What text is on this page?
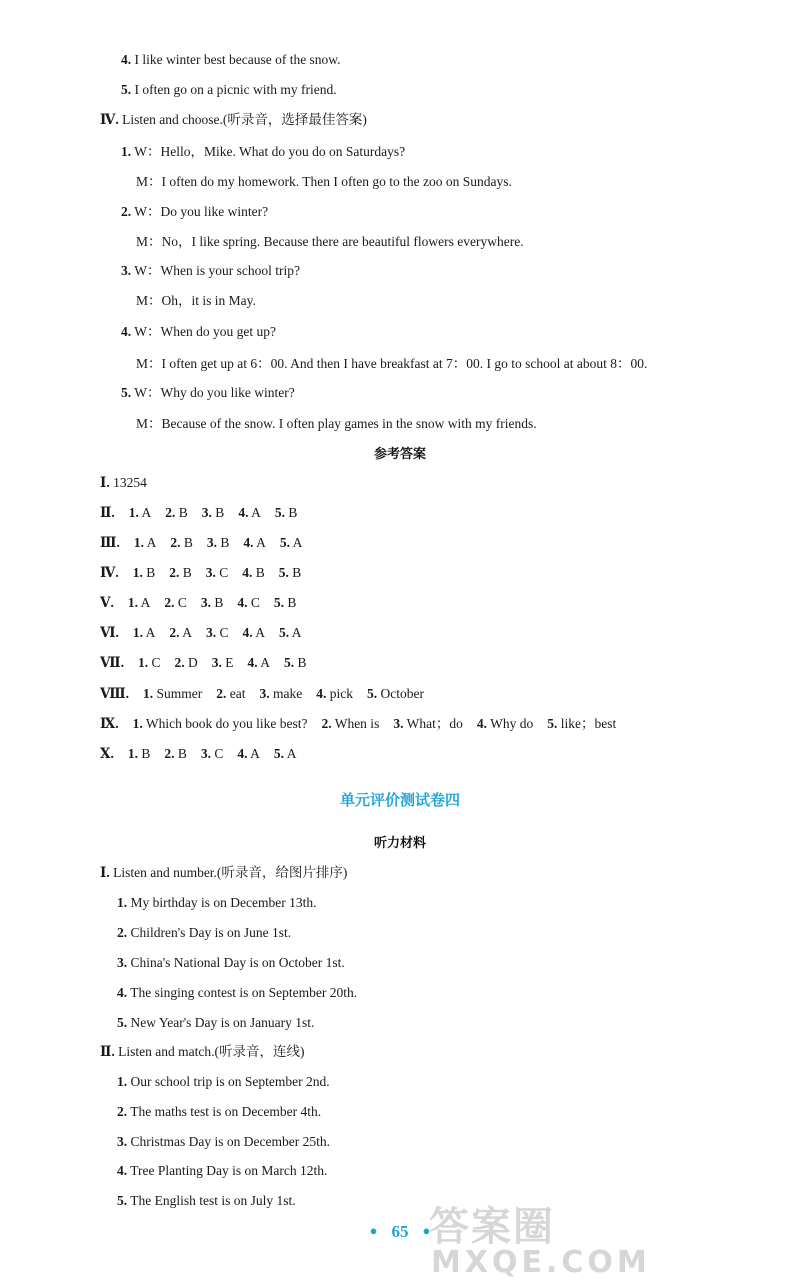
4. I like winter best because of the snow.
5. I often go on a picnic with my friend.
Ⅳ. Listen and choose.(听录音，选择最佳答案)
1. W：Hello，Mike. What do you do on Saturdays?
M：I often do my homework. Then I often go to the zoo on Sundays.
2. W：Do you like winter?
M：No，I like spring. Because there are beautiful flowers everywhere.
3. W：When is your school trip?
M：Oh，it is in May.
4. W：When do you get up?
M：I often get up at 6：00. And then I have breakfast at 7：00. I go to school at about 8：00.
5. W：Why do you like winter?
M：Because of the snow. I often play games in the snow with my friends.
参考答案
Ⅰ. 13254
Ⅱ. 1. A 2. B 3. B 4. A 5. B
Ⅲ. 1. A 2. B 3. B 4. A 5. A
Ⅳ. 1. B 2. B 3. C 4. B 5. B
Ⅴ. 1. A 2. C 3. B 4. C 5. B
Ⅵ. 1. A 2. A 3. C 4. A 5. A
Ⅶ. 1. C 2. D 3. E 4. A 5. B
Ⅷ. 1. Summer 2. eat 3. make 4. pick 5. October
Ⅸ. 1. Which book do you like best? 2. When is 3. What；do 4. Why do 5. like；best
Ⅹ. 1. B 2. B 3. C 4. A 5. A
单元评价测试卷四
听力材料
Ⅰ. Listen and number.(听录音，给图片排序)
1. My birthday is on December 13th.
2. Children's Day is on June 1st.
3. China's National Day is on October 1st.
4. The singing contest is on September 20th.
5. New Year's Day is on January 1st.
Ⅱ. Listen and match.(听录音，连线)
1. Our school trip is on September 2nd.
2. The maths test is on December 4th.
3. Christmas Day is on December 25th.
4. Tree Planting Day is on March 12th.
5. The English test is on July 1st.
● 65 ●
答案圈
MXQE.COM
